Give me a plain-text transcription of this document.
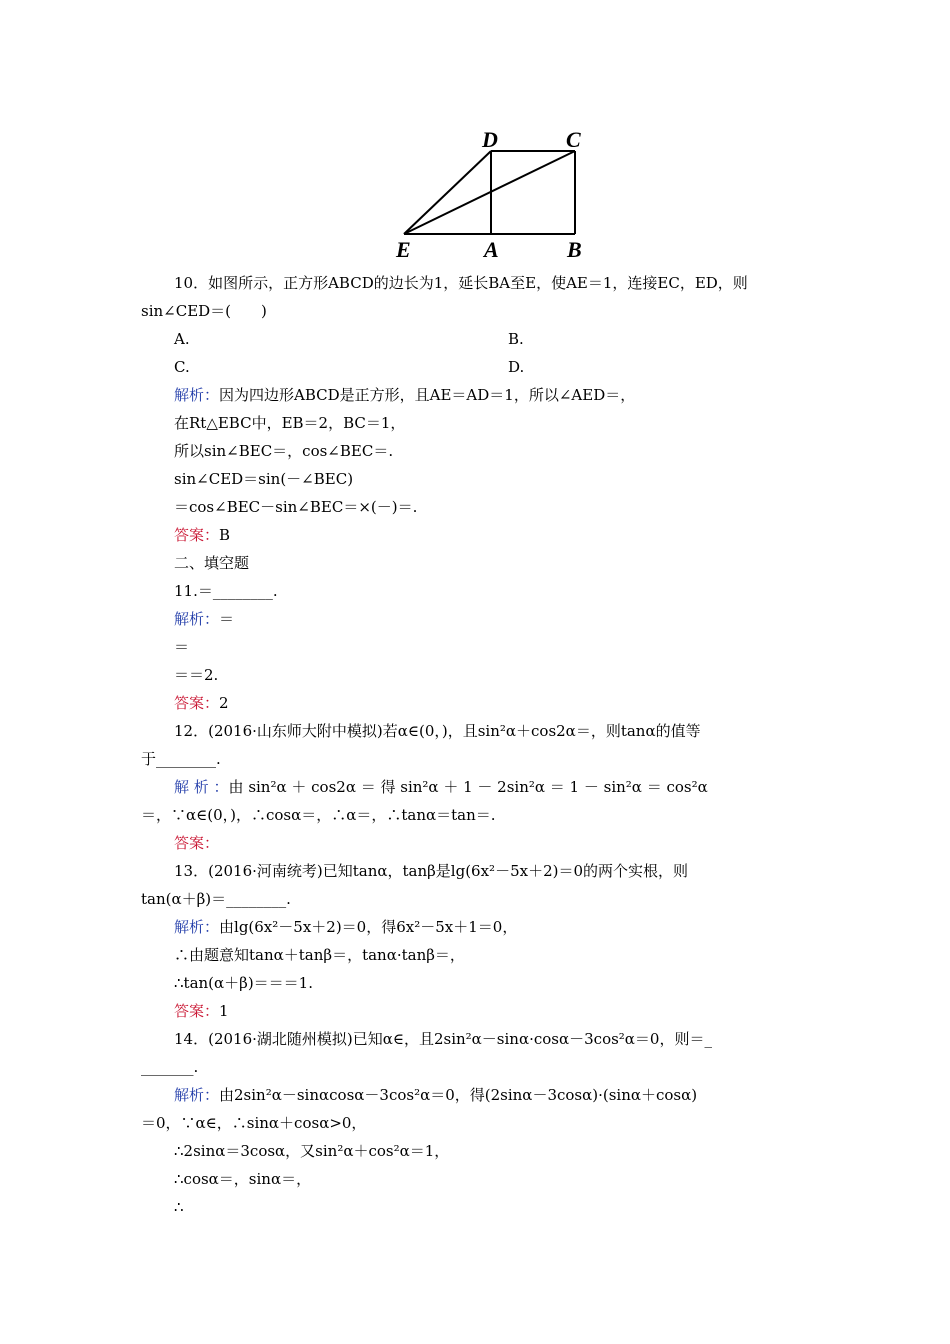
D	C
E	A	B
10．如图所示，正方形ABCD的边长为1，延长BA至E，使AE＝1，连接EC，ED，则
sin∠CED＝(　　)
A.	B.
C.	D.
解析：因为四边形ABCD是正方形，且AE＝AD＝1，所以∠AED＝，
在Rt△EBC中，EB＝2，BC＝1，
所以sin∠BEC＝，cos∠BEC＝.
sin∠CED＝sin(－∠BEC)
＝cos∠BEC－sin∠BEC＝×(－)＝.
答案：B
二、填空题
11.＝________.
解析：＝
＝
＝＝2.
答案：2
12．(2016·山东师大附中模拟)若α∈(0，)，且sin²α＋cos2α＝，则tanα的值等
于________.
解 析 ：由 sin²α ＋ cos2α ＝ 得 sin²α ＋ 1 － 2sin²α ＝ 1 － sin²α ＝ cos²α
＝，∵α∈(0，)，∴cosα＝，∴α＝，∴tanα＝tan＝.
答案：
13．(2016·河南统考)已知tanα，tanβ是lg(6x²－5x＋2)＝0的两个实根，则
tan(α＋β)＝________.
解析：由lg(6x²－5x＋2)＝0，得6x²－5x＋1＝0，
∴由题意知tanα＋tanβ＝，tanα·tanβ＝，
∴tan(α＋β)＝＝＝1.
答案：1
14．(2016·湖北随州模拟)已知α∈，且2sin²α－sinα·cosα－3cos²α＝0，则＝_
_______.
解析：由2sin²α－sinαcosα－3cos²α＝0，得(2sinα－3cosα)·(sinα＋cosα)
＝0，∵α∈，∴sinα＋cosα>0，
∴2sinα＝3cosα，又sin²α＋cos²α＝1，
∴cosα＝，sinα＝，
∴
